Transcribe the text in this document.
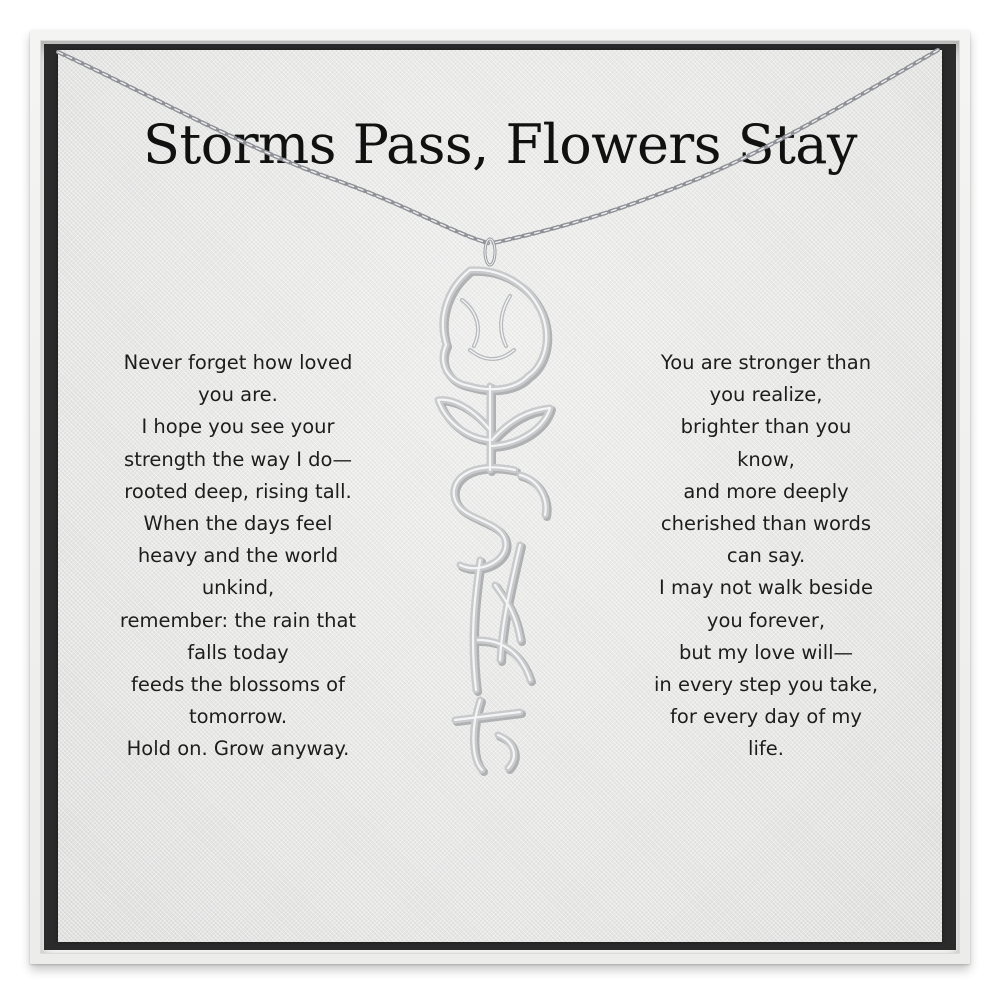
Storms Pass, Flowers Stay
Never forget how loved
you are.
I hope you see your
strength the way I do—
rooted deep, rising tall.
When the days feel
heavy and the world
unkind,
remember: the rain that
falls today
feeds the blossoms of
tomorrow.
Hold on. Grow anyway.
You are stronger than
you realize,
brighter than you
know,
and more deeply
cherished than words
can say.
I may not walk beside
you forever,
but my love will—
in every step you take,
for every day of my
life.
